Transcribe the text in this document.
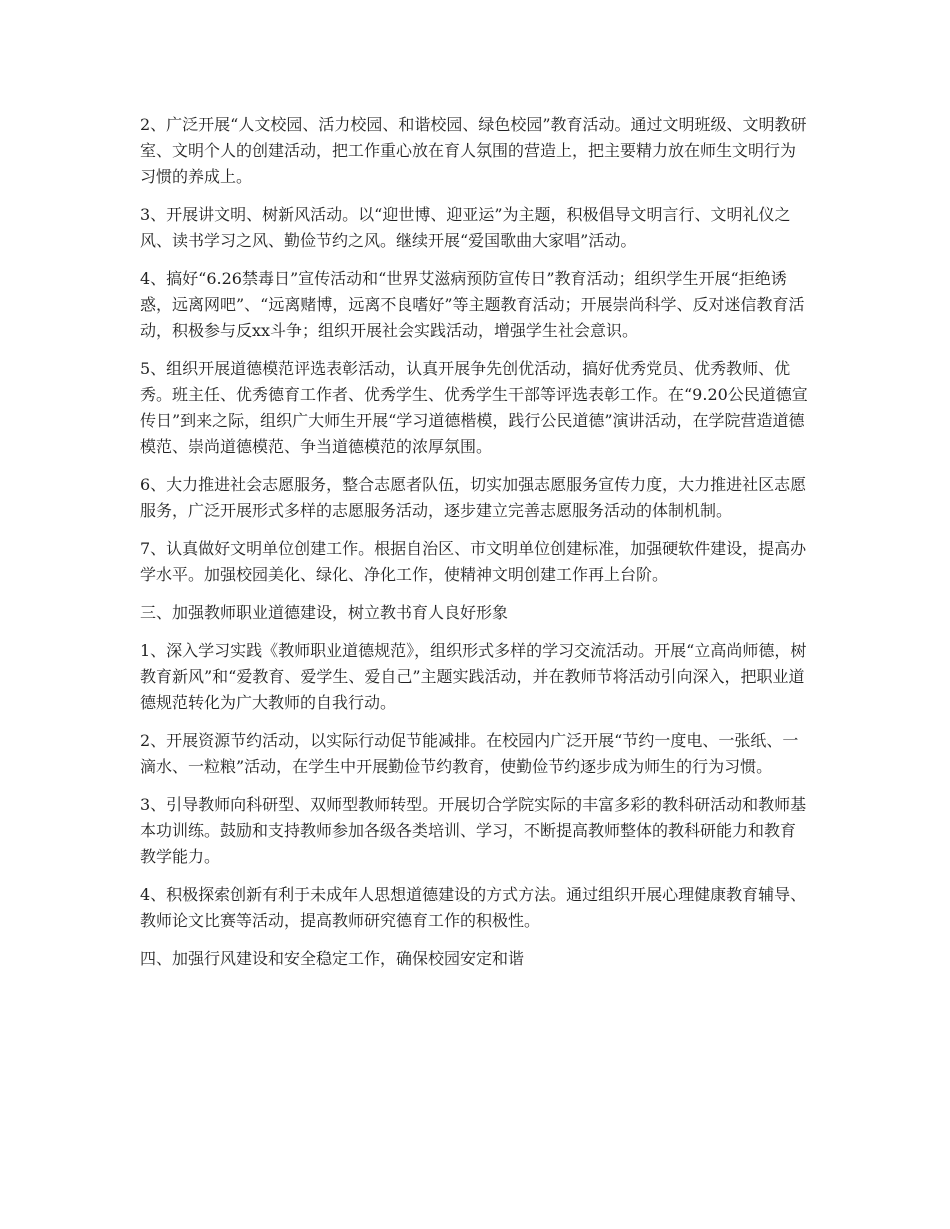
2、广泛开展“人文校园、活力校园、和谐校园、绿色校园”教育活动。通过文明班级、文明教研室、文明个人的创建活动，把工作重心放在育人氛围的营造上，把主要精力放在师生文明行为习惯的养成上。

3、开展讲文明、树新风活动。以“迎世博、迎亚运”为主题，积极倡导文明言行、文明礼仪之风、读书学习之风、勤俭节约之风。继续开展“爱国歌曲大家唱”活动。

4、搞好“6.26禁毒日”宣传活动和“世界艾滋病预防宣传日”教育活动；组织学生开展“拒绝诱惑，远离网吧”、“远离赌博，远离不良嗜好”等主题教育活动；开展崇尚科学、反对迷信教育活动，积极参与反xx斗争；组织开展社会实践活动，增强学生社会意识。

5、组织开展道德模范评选表彰活动，认真开展争先创优活动，搞好优秀党员、优秀教师、优秀。班主任、优秀德育工作者、优秀学生、优秀学生干部等评选表彰工作。在“9.20公民道德宣传日”到来之际，组织广大师生开展“学习道德楷模，践行公民道德”演讲活动，在学院营造道德模范、崇尚道德模范、争当道德模范的浓厚氛围。

6、大力推进社会志愿服务，整合志愿者队伍，切实加强志愿服务宣传力度，大力推进社区志愿服务，广泛开展形式多样的志愿服务活动，逐步建立完善志愿服务活动的体制机制。

7、认真做好文明单位创建工作。根据自治区、市文明单位创建标准，加强硬软件建设，提高办学水平。加强校园美化、绿化、净化工作，使精神文明创建工作再上台阶。

三、加强教师职业道德建设，树立教书育人良好形象

1、深入学习实践《教师职业道德规范》，组织形式多样的学习交流活动。开展“立高尚师德，树教育新风”和“爱教育、爱学生、爱自己”主题实践活动，并在教师节将活动引向深入，把职业道德规范转化为广大教师的自我行动。

2、开展资源节约活动，以实际行动促节能减排。在校园内广泛开展“节约一度电、一张纸、一滴水、一粒粮”活动，在学生中开展勤俭节约教育，使勤俭节约逐步成为师生的行为习惯。

3、引导教师向科研型、双师型教师转型。开展切合学院实际的丰富多彩的教科研活动和教师基本功训练。鼓励和支持教师参加各级各类培训、学习，不断提高教师整体的教科研能力和教育教学能力。

4、积极探索创新有利于未成年人思想道德建设的方式方法。通过组织开展心理健康教育辅导、教师论文比赛等活动，提高教师研究德育工作的积极性。

四、加强行风建设和安全稳定工作，确保校园安定和谐
